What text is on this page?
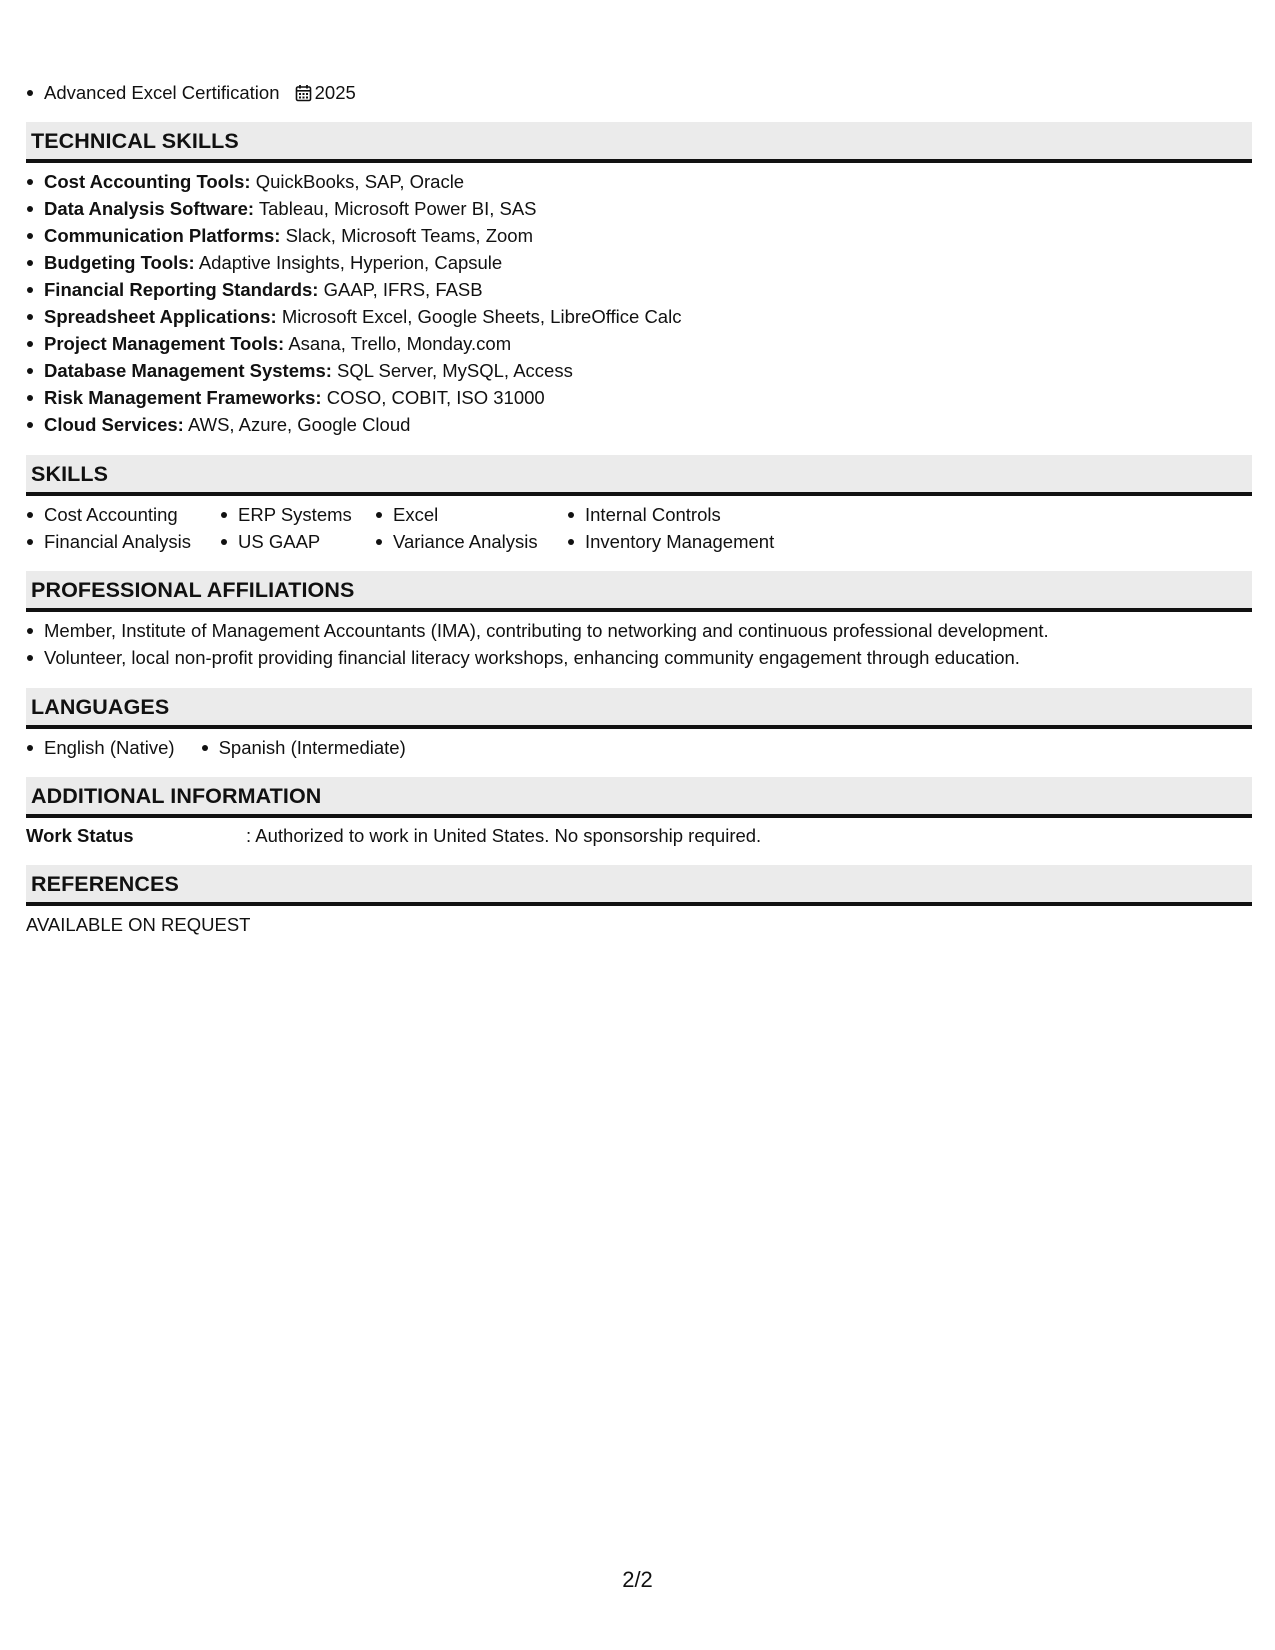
Advanced Excel Certification 2025
TECHNICAL SKILLS
Cost Accounting Tools: QuickBooks, SAP, Oracle
Data Analysis Software: Tableau, Microsoft Power BI, SAS
Communication Platforms: Slack, Microsoft Teams, Zoom
Budgeting Tools: Adaptive Insights, Hyperion, Capsule
Financial Reporting Standards: GAAP, IFRS, FASB
Spreadsheet Applications: Microsoft Excel, Google Sheets, LibreOffice Calc
Project Management Tools: Asana, Trello, Monday.com
Database Management Systems: SQL Server, MySQL, Access
Risk Management Frameworks: COSO, COBIT, ISO 31000
Cloud Services: AWS, Azure, Google Cloud
SKILLS
Cost Accounting	ERP Systems	Excel	Internal Controls
Financial Analysis	US GAAP	Variance Analysis	Inventory Management
PROFESSIONAL AFFILIATIONS
Member, Institute of Management Accountants (IMA), contributing to networking and continuous professional development.
Volunteer, local non-profit providing financial literacy workshops, enhancing community engagement through education.
LANGUAGES
English (Native)	Spanish (Intermediate)
ADDITIONAL INFORMATION
Work Status	: Authorized to work in United States. No sponsorship required.
REFERENCES
AVAILABLE ON REQUEST
2/2
